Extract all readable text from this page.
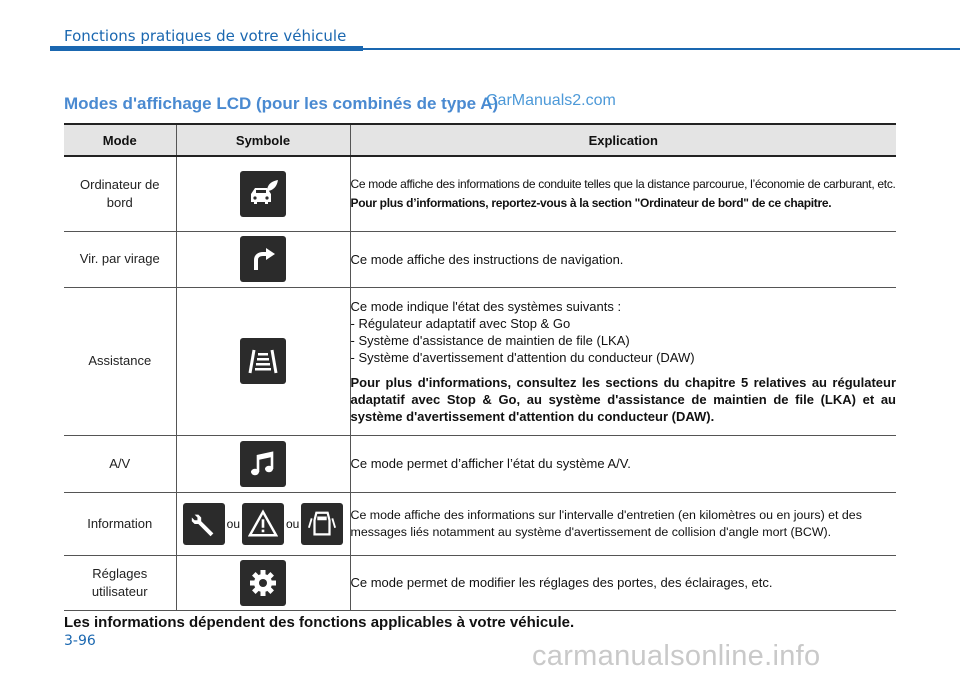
Fonctions pratiques de votre véhicule
Modes d'affichage LCD (pour les combinés de type A)
CarManuals2.com
Mode	Symbole	Explication
Ordinateur de bord		Ce mode affiche des informations de conduite telles que la distance parcourue, l’économie de carburant, etc.
Pour plus d’informations, reportez-vous à la section "Ordinateur de bord" de ce chapitre.

Vir. par virage		Ce mode affiche des instructions de navigation.
Assistance		Ce mode indique l'état des systèmes suivants :
- Régulateur adaptatif avec Stop & Go
- Système d'assistance de maintien de file (LKA)
- Système d'avertissement d'attention du conducteur (DAW)
Pour plus d'informations, consultez les sections du chapitre 5 relatives au régulateur adaptatif avec Stop & Go, au système d'assistance de maintien de file (LKA) et au système d'avertissement d'attention du conducteur (DAW).

A/V		Ce mode permet d’afficher l’état du système A/V.
Information	ou ou	Ce mode affiche des informations sur l'intervalle d'entretien (en kilomètres ou en jours) et des messages liés notamment au système d'avertissement de collision d'angle mort (BCW).
Réglages utilisateur		Ce mode permet de modifier les réglages des portes, des éclairages, etc.
Les informations dépendent des fonctions applicables à votre véhicule.
3-96	carmanualsonline.info
